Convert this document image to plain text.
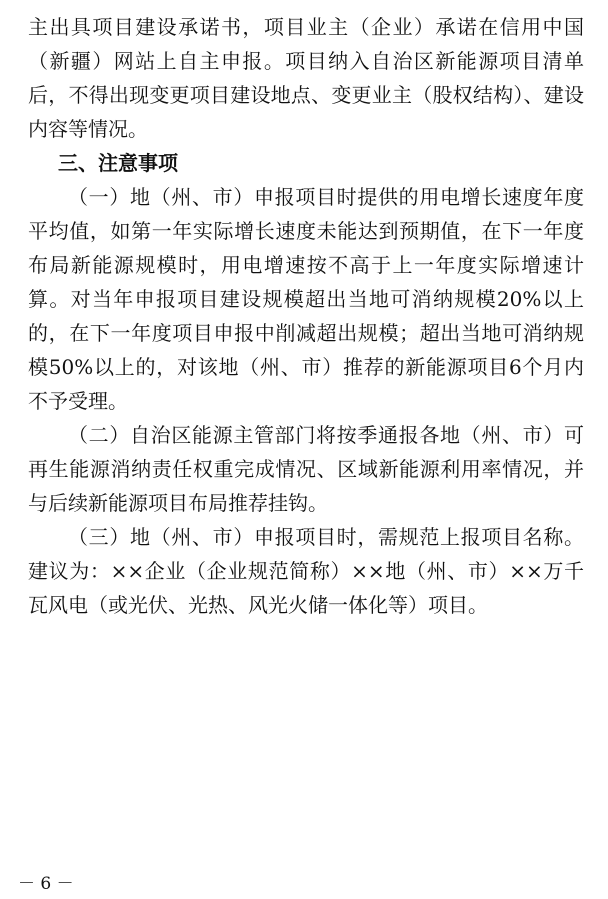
主出具项目建设承诺书，项目业主（企业）承诺在信用中国（新疆）网站上自主申报。项目纳入自治区新能源项目清单后，不得出现变更项目建设地点、变更业主（股权结构）、建设内容等情况。

三、注意事项

（一）地（州、市）申报项目时提供的用电增长速度年度平均值，如第一年实际增长速度未能达到预期值，在下一年度布局新能源规模时，用电增速按不高于上一年度实际增速计算。对当年申报项目建设规模超出当地可消纳规模20%以上的，在下一年度项目申报中削减超出规模；超出当地可消纳规模50%以上的，对该地（州、市）推荐的新能源项目6个月内不予受理。

（二）自治区能源主管部门将按季通报各地（州、市）可再生能源消纳责任权重完成情况、区域新能源利用率情况，并与后续新能源项目布局推荐挂钩。

（三）地（州、市）申报项目时，需规范上报项目名称。建议为：××企业（企业规范简称）××地（州、市）××万千瓦风电（或光伏、光热、风光火储一体化等）项目。

－ 6 －
